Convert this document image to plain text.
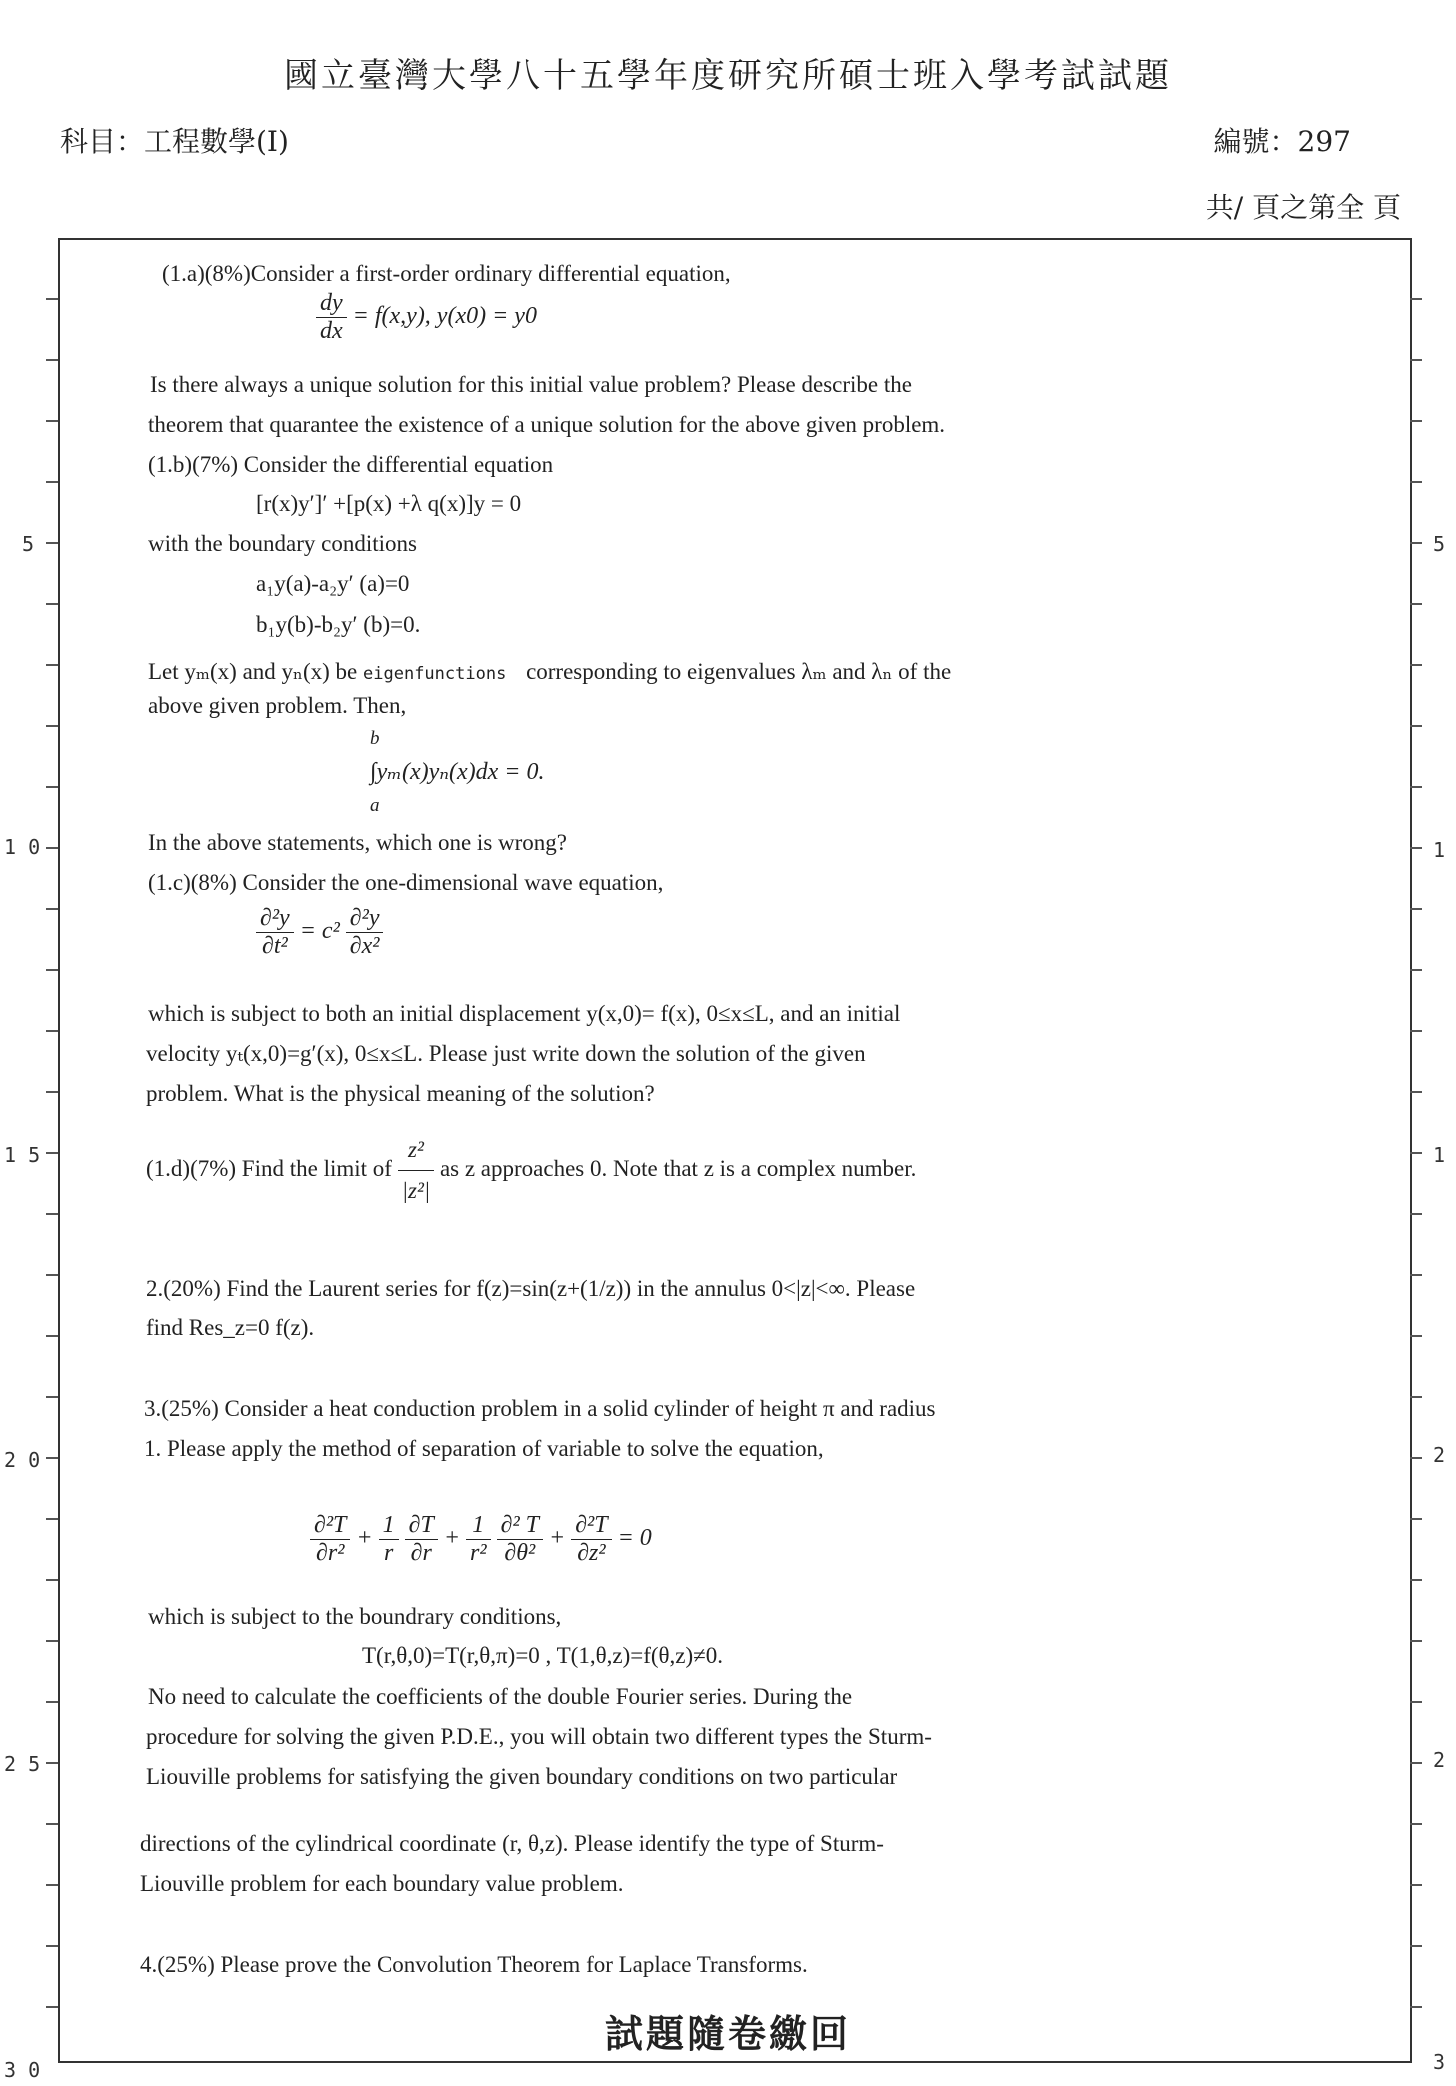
國立臺灣大學八十五學年度研究所碩士班入學考試試題
科目：工程數學(I)	編號：297
共/ 頁之第全 頁
5
1 0
1 5
2 0
2 5
3 0
5
1
1
2
2
3
(1.a)(8%)Consider a first-order ordinary differential equation,
$\frac{dy}{dx} = f(x,y)$, y(x0) = y0
Is there always a unique solution for this initial value problem? Please describe the
theorem that quarantee the existence of a unique solution for the above given problem.
(1.b)(7%) Consider the differential equation
[r(x)y′]′ +[p(x) +λ q(x)]y = 0
with the boundary conditions
a₁y(a)-a₂y′ (a)=0
b₁y(b)-b₂y′ (b)=0.
Let yₘ(x) and yₙ(x) be eigenfunctions corresponding to eigenvalues λₘ and λₙ of the
above given problem. Then,
b
∫yₘ(x)yₙ(x)dx = 0.
a
In the above statements, which one is wrong?
(1.c)(8%) Consider the one-dimensional wave equation,
$\frac{\text{∂²y}}{\text{∂t²}} = c^2 \frac{\text{∂²y}}{\text{∂x²}}$
which is subject to both an initial displacement y(x,0)= f(x), 0≤x≤L, and an initial
velocity yₜ(x,0)=g′(x), 0≤x≤L. Please just write down the solution of the given
problem. What is the physical meaning of the solution?
(1.d)(7%) Find the limit of $\frac{\text{z²}}{\text{|z²|}}$ as z approaches 0. Note that z is a complex number.
2.(20%) Find the Laurent series for f(z)=sin(z+(1/z)) in the annulus 0<|z|<∞. Please
find Res_z=0 f(z).
3.(25%) Consider a heat conduction problem in a solid cylinder of height π and radius
1. Please apply the method of separation of variable to solve the equation,
$\frac{\text{∂²T}}{\text{∂r²}} + \frac{1}{r}$
$\frac{\partial T}{\partial r} + \frac{1}{\text{r²}}$
$\frac{\text{∂² T}}{\text{∂θ²}} + \frac{\text{∂²T}}{\text{∂z²}} = 0$
which is subject to the boundrary conditions,
T(r,θ,0)=T(r,θ,π)=0 , T(1,θ,z)=f(θ,z)≠0.
No need to calculate the coefficients of the double Fourier series. During the
procedure for solving the given P.D.E., you will obtain two different types the Sturm-
Liouville problems for satisfying the given boundary conditions on two particular
directions of the cylindrical coordinate (r, θ,z). Please identify the type of Sturm-
Liouville problem for each boundary value problem.
4.(25%) Please prove the Convolution Theorem for Laplace Transforms.
試題隨卷繳回
